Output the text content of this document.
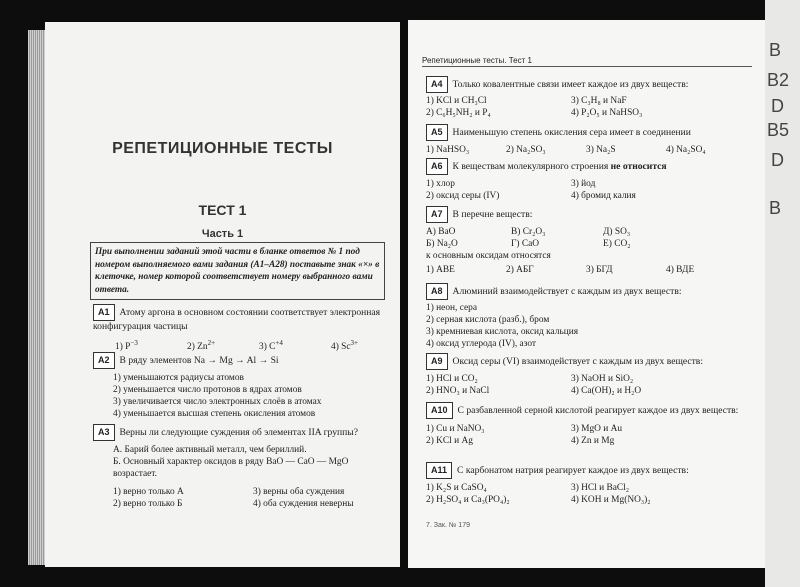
РЕПЕТИЦИОННЫЕ ТЕСТЫ
ТЕСТ 1
Часть 1
При выполнении заданий этой части в бланке ответов № 1 под номером выполняемого вами задания (А1–А28) поставьте знак «×» в клеточке, номер которой соответствует номеру выбранного вами ответа.
A1 Атому аргона в основном состоянии соответствует электронная конфигурация частицы
1) $P^{-3}$	2) $Zn^{2+}$	3) $C^{+4}$	4) $Sc^{3+}$
A2 В ряду элементов Na → Mg → Al → Si
1) уменьшаются радиусы атомов
2) уменьшается число протонов в ядрах атомов
3) увеличивается число электронных слоёв в атомах
4) уменьшается высшая степень окисления атомов
A3 Верны ли следующие суждения об элементах IIA группы?
А. Барий более активный металл, чем бериллий.
Б. Основный характер оксидов в ряду BaO — CaO — MgO возрастает.
1) верно только А
2) верно только Б
3) верны оба суждения
4) оба суждения неверны
Репетиционные тесты. Тест 1
A4 Только ковалентные связи имеет каждое из двух веществ:
1) KCl и CH₃Cl
2) C₆H₅NH₂ и P₄
3) C₃H₈ и NaF
4) P₂O₅ и NaHSO₃
A5 Наименьшую степень окисления сера имеет в соединении
1) NaHSO₃	2) Na₂SO₃	3) Na₂S	4) Na₂SO₄
A6 К веществам молекулярного строения не относится
1) хлор
2) оксид серы (IV)
3) йод
4) бромид калия
A7 В перечне веществ:
А) BaO
Б) Na₂O
В) Cr₂O₃
Г) CaO
Д) SO₃
Е) CO₂
к основным оксидам относятся
1) АВЕ	2) АБГ	3) БГД	4) ВДЕ
A8 Алюминий взаимодействует с каждым из двух веществ:
1) неон, сера
2) серная кислота (разб.), бром
3) кремниевая кислота, оксид кальция
4) оксид углерода (IV), азот
A9 Оксид серы (VI) взаимодействует с каждым из двух веществ:
1) HCl и CO₂
2) HNO₃ и NaCl
3) NaOH и SiO₂
4) Ca(OH)₂ и H₂O
A10 С разбавленной серной кислотой реагирует каждое из двух веществ:
1) Cu и NaNO₃
2) KCl и Ag
3) MgO и Au
4) Zn и Mg
A11 С карбонатом натрия реагирует каждое из двух веществ:
1) K₂S и CaSO₄
2) H₂SO₄ и Ca₃(PO₄)₂
3) HCl и BaCl₂
4) KOH и Mg(NO₃)₂
7. Зак. № 179
B
B2
D
B5
D
B
